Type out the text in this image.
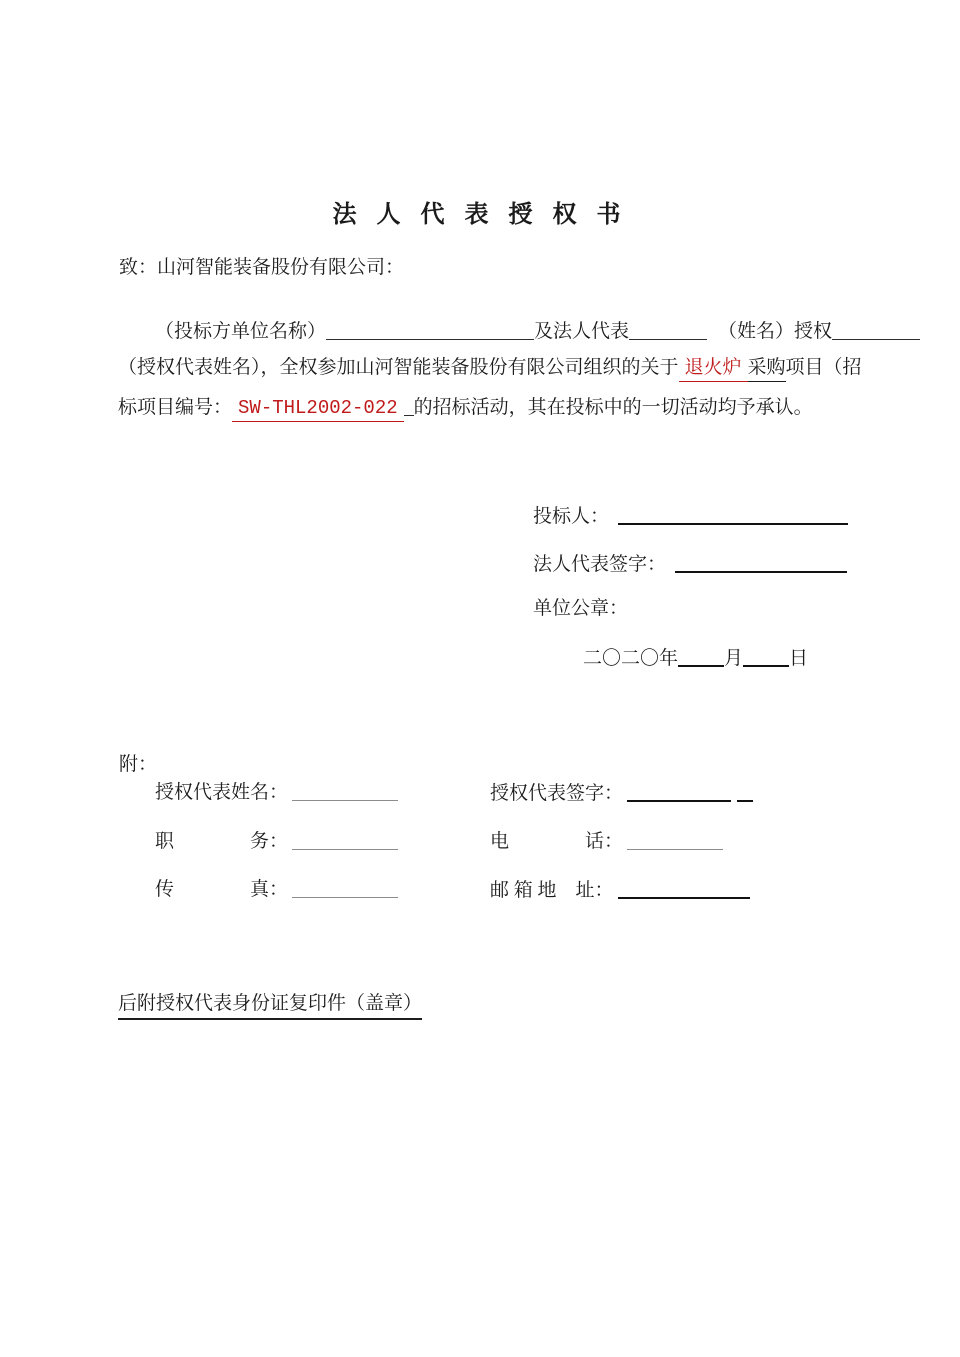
法 人 代 表 授 权 书
致：山河智能装备股份有限公司：
（投标方单位名称）	及法人代表	（姓名）授权
（授权代表姓名），全权参加山河智能装备股份有限公司组织的关于 退火炉 采购项目（招
标项目编号： SW-THL2002-022 的招标活动，其在投标中的一切活动均予承认。
投标人：
法人代表签字：
单位公章：
二〇二〇年 月 日
附：
授权代表姓名：	授权代表签字：
职　　　　务：	电　　　　话：
传　　　　真：	邮 箱 地　址：
后附授权代表身份证复印件（盖章）
